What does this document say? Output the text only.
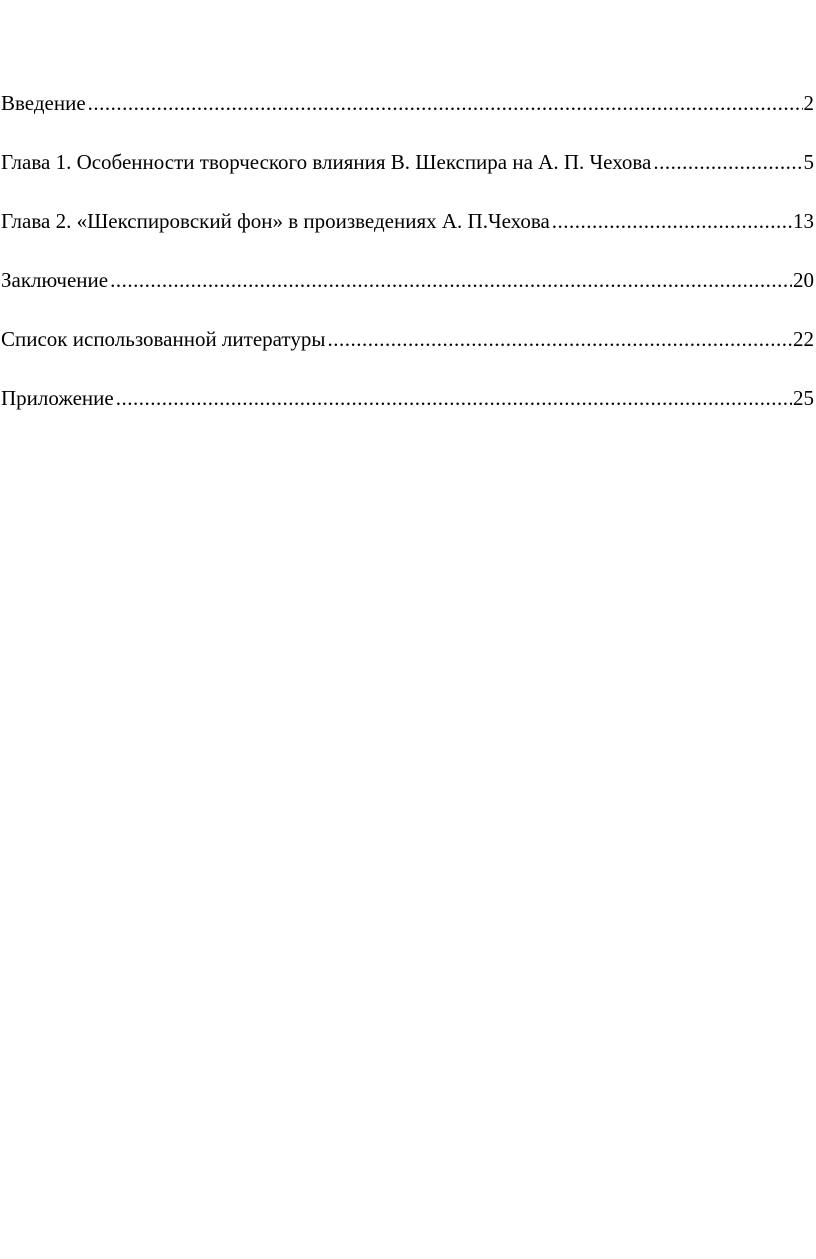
Введение .....	2
Глава 1. Особенности творческого влияния В. Шекспира на А. П. Чехова .....	5
Глава 2. «Шекспировский фон» в произведениях А. П.Чехова .....	13
Заключение .....	20
Список использованной литературы .....	22
Приложение .....	25
